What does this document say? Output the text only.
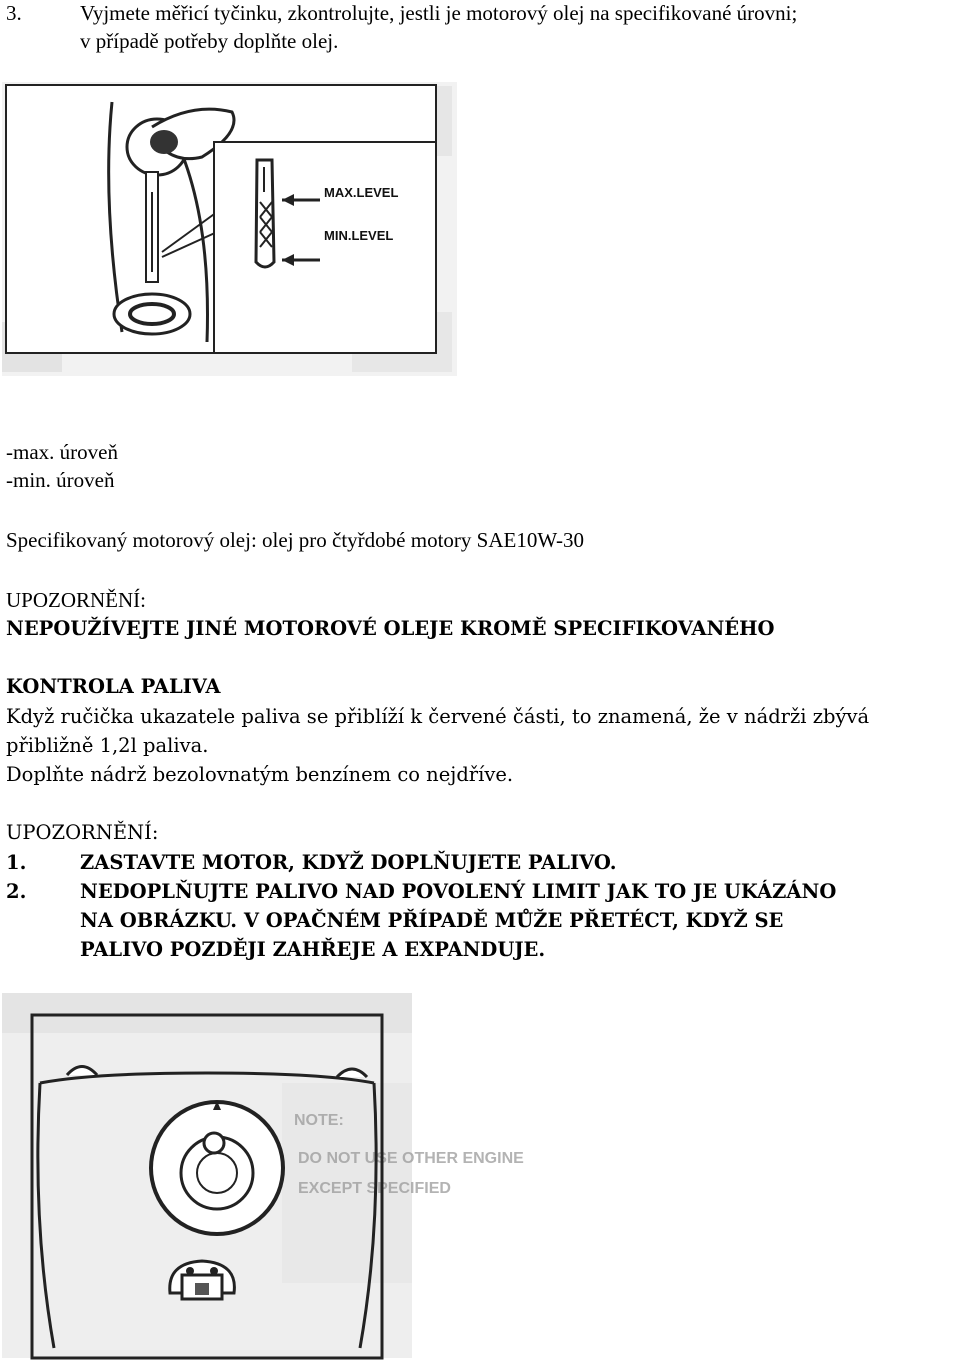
3.	Vyjmete měřicí tyčinku, zkontrolujte, jestli je motorový olej na specifikované úrovni;
v případě potřeby doplňte olej.
MAX.LEVEL
MIN.LEVEL
-max. úroveň
-min. úroveň
Specifikovaný motorový olej: olej pro čtyřdobé motory SAE10W-30
UPOZORNĚNÍ:
NEPOUŽÍVEJTE JINÉ MOTOROVÉ OLEJE KROMĚ SPECIFIKOVANÉHO
KONTROLA PALIVA
Když ručička ukazatele paliva se přiblíží k červené části, to znamená, že v nádrži zbývá
přibližně 1,2l paliva.
Doplňte nádrž bezolovnatým benzínem co nejdříve.
UPOZORNĚNÍ:
1.	ZASTAVTE MOTOR, KDYŽ DOPLŇUJETE PALIVO.
2.	NEDOPLŇUJTE PALIVO NAD POVOLENÝ LIMIT JAK TO JE UKÁZÁNO
NA OBRÁZKU. V OPAČNÉM PŘÍPADĚ MŮŽE PŘETÉCT, KDYŽ SE
PALIVO POZDĚJI ZAHŘEJE A EXPANDUJE.
NOTE:
DO NOT USE OTHER ENGINE
EXCEPT SPECIFIED
